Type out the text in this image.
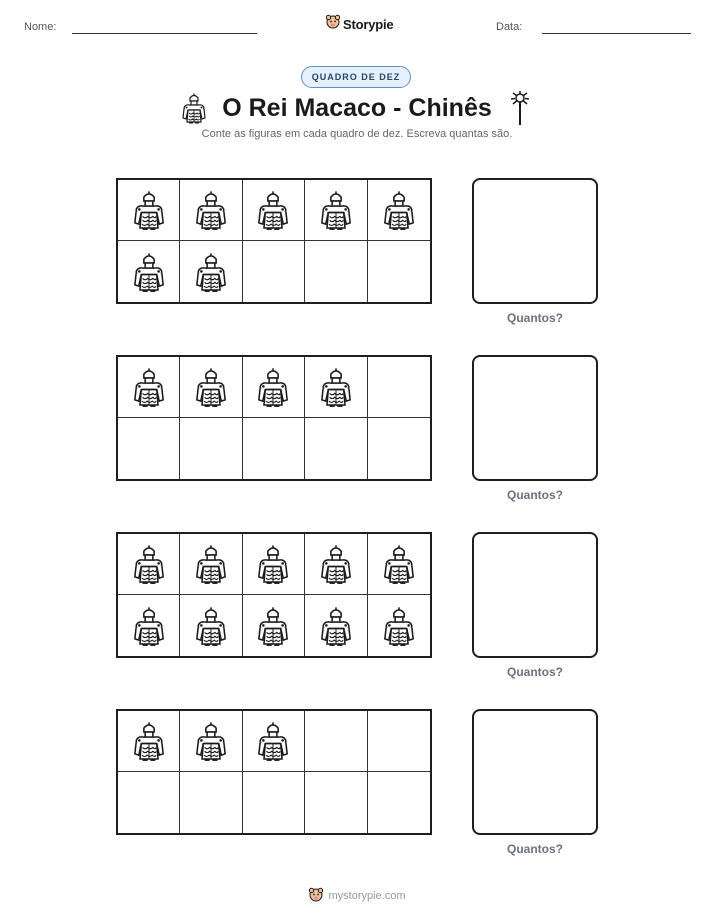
Nome:	Storypie	Data:
QUADRO DE DEZ
O Rei Macaco - Chinês
Conte as figuras em cada quadro de dez. Escreva quantas são.
Quantos?
Quantos?
Quantos?
Quantos?
mystorypie.com
